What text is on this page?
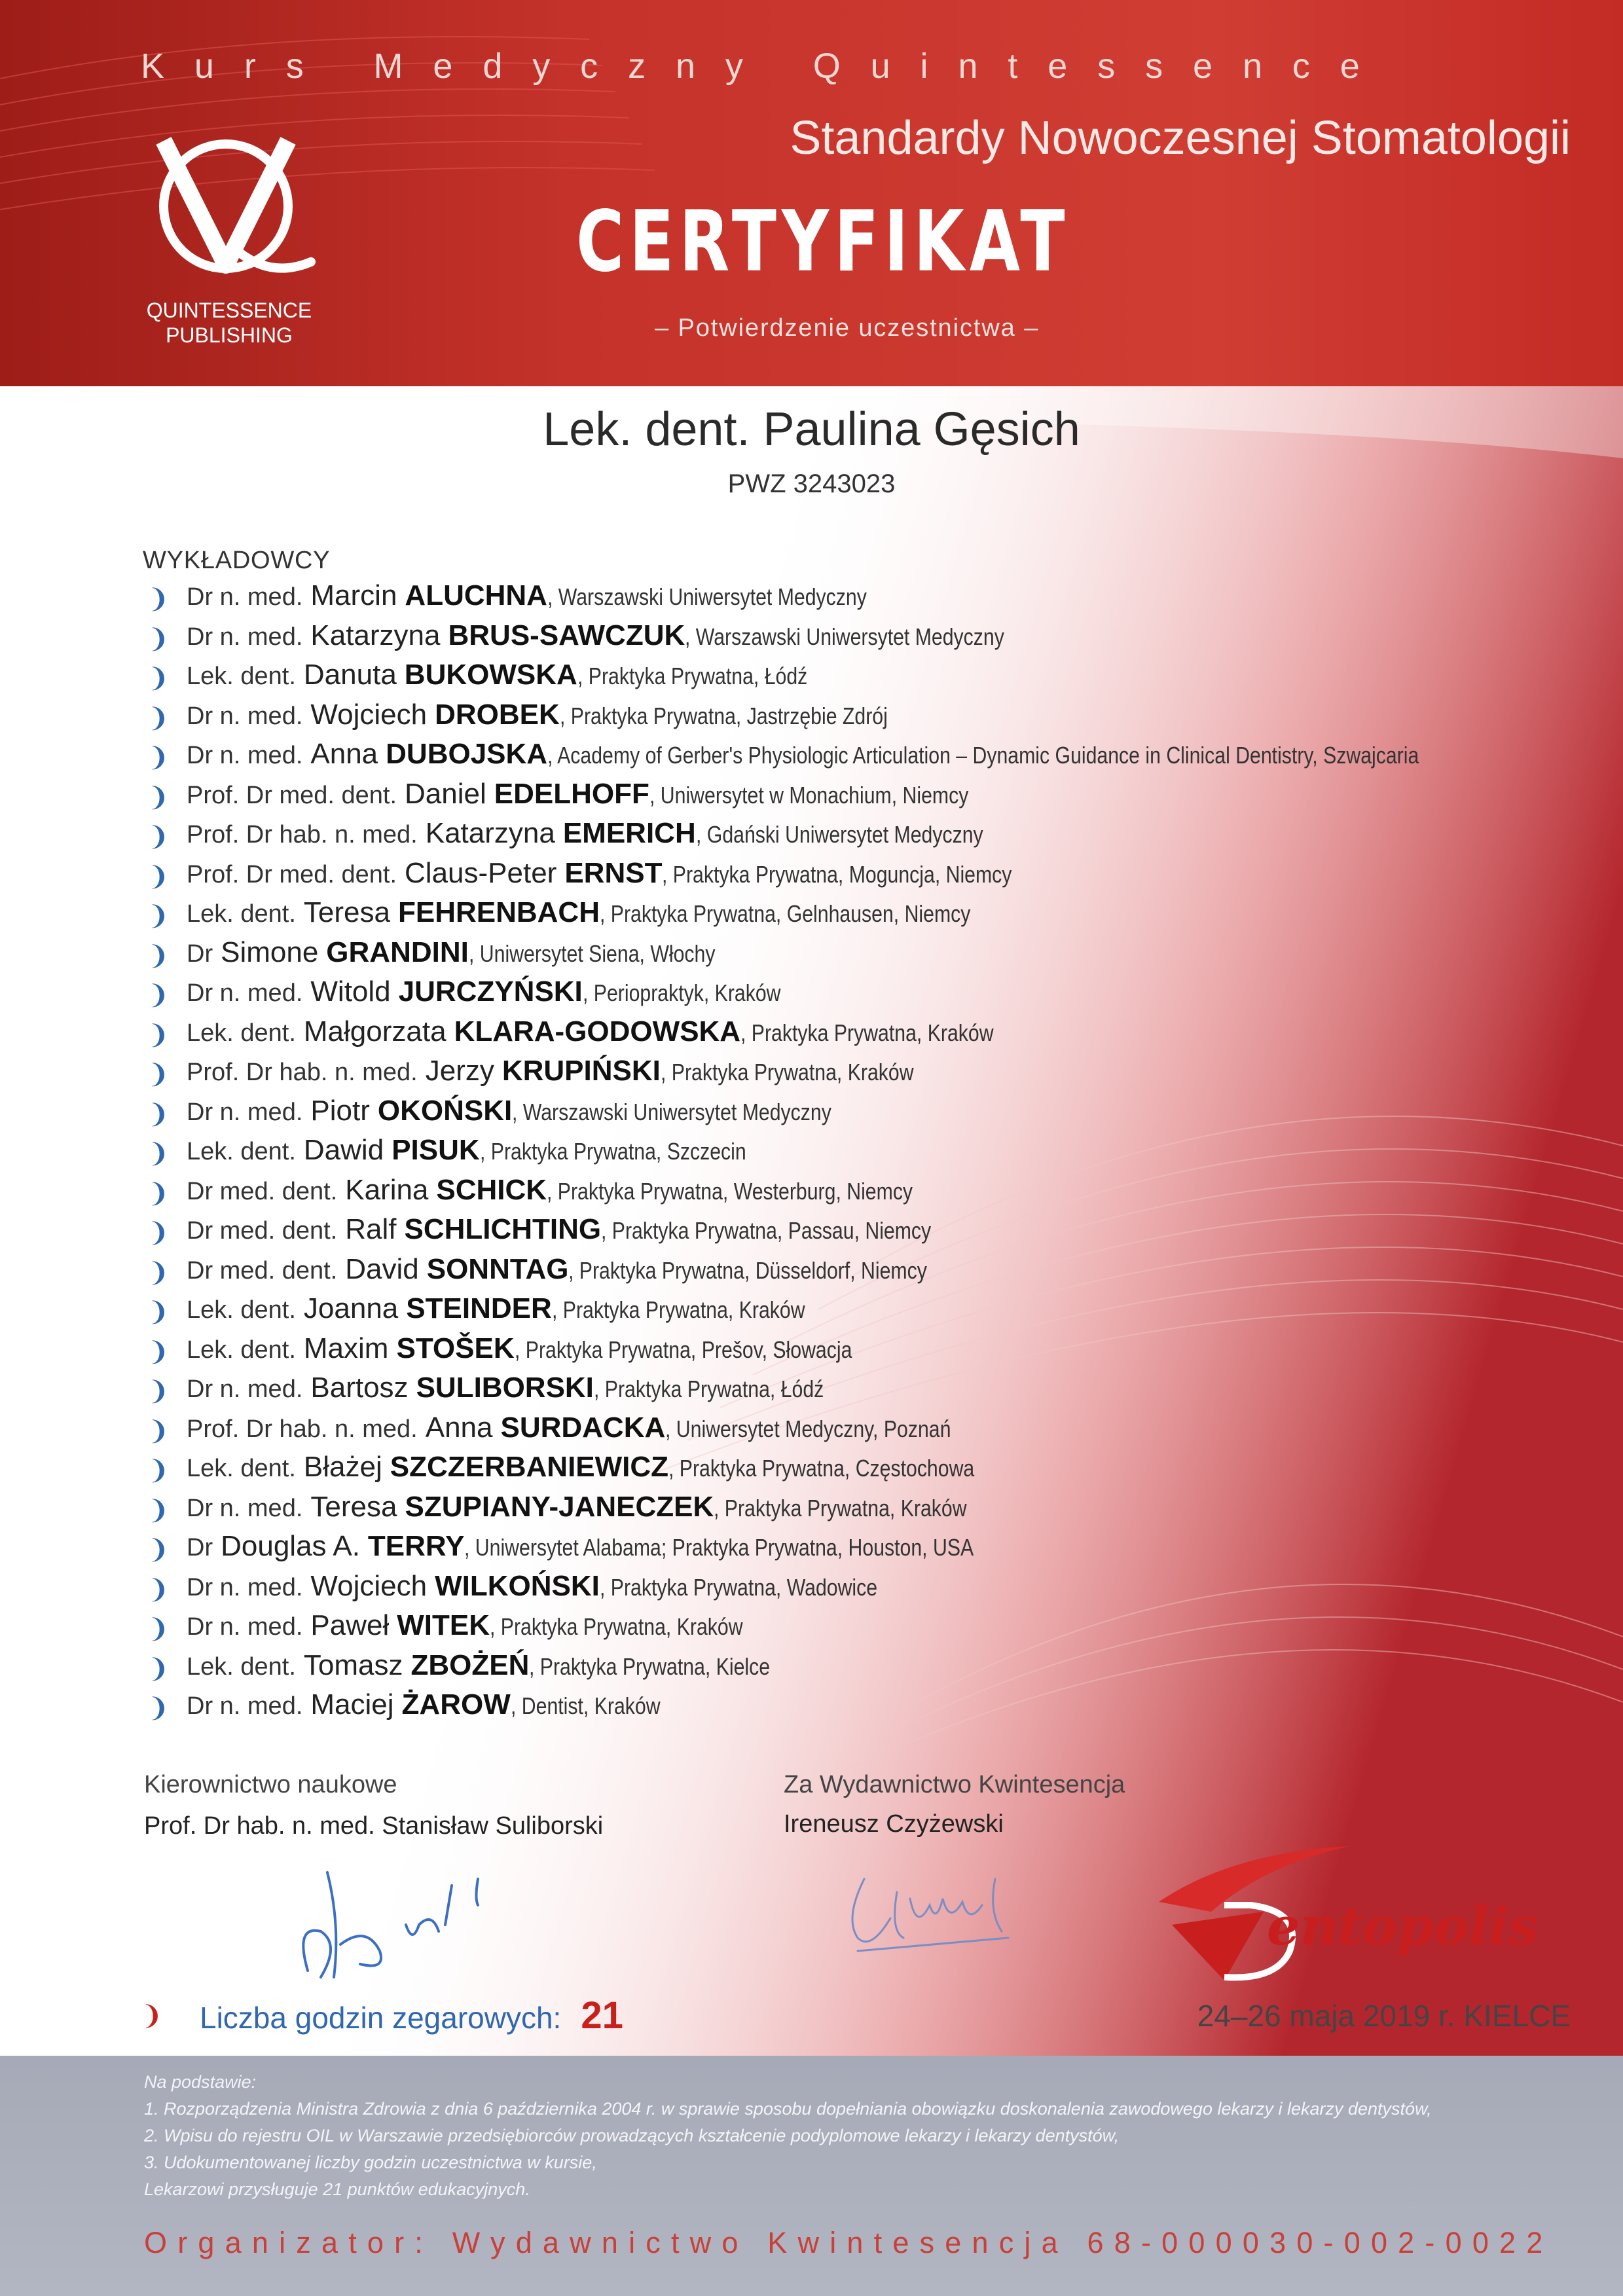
Kurs Medyczny Quintessence
Standardy Nowoczesnej Stomatologii
CERTYFIKAT
– Potwierdzenie uczestnictwa –
QUINTESSENCE
PUBLISHING
Lek. dent. Paulina Gęsich
PWZ 3243023
WYKŁADOWCY
❩ Dr n. med. Marcin ALUCHNA , Warszawski Uniwersytet Medyczny
❩ Dr n. med. Katarzyna BRUS-SAWCZUK , Warszawski Uniwersytet Medyczny
❩ Lek. dent. Danuta BUKOWSKA , Praktyka Prywatna, Łódź
❩ Dr n. med. Wojciech DROBEK , Praktyka Prywatna, Jastrzębie Zdrój
❩ Dr n. med. Anna DUBOJSKA , Academy of Gerber's Physiologic Articulation – Dynamic Guidance in Clinical Dentistry, Szwajcaria
❩ Prof. Dr med. dent. Daniel EDELHOFF , Uniwersytet w Monachium, Niemcy
❩ Prof. Dr hab. n. med. Katarzyna EMERICH , Gdański Uniwersytet Medyczny
❩ Prof. Dr med. dent. Claus-Peter ERNST , Praktyka Prywatna, Moguncja, Niemcy
❩ Lek. dent. Teresa FEHRENBACH , Praktyka Prywatna, Gelnhausen, Niemcy
❩ Dr Simone GRANDINI , Uniwersytet Siena, Włochy
❩ Dr n. med. Witold JURCZYŃSKI , Periopraktyk, Kraków
❩ Lek. dent. Małgorzata KLARA-GODOWSKA , Praktyka Prywatna, Kraków
❩ Prof. Dr hab. n. med. Jerzy KRUPIŃSKI , Praktyka Prywatna, Kraków
❩ Dr n. med. Piotr OKOŃSKI , Warszawski Uniwersytet Medyczny
❩ Lek. dent. Dawid PISUK , Praktyka Prywatna, Szczecin
❩ Dr med. dent. Karina SCHICK , Praktyka Prywatna, Westerburg, Niemcy
❩ Dr med. dent. Ralf SCHLICHTING , Praktyka Prywatna, Passau, Niemcy
❩ Dr med. dent. David SONNTAG , Praktyka Prywatna, Düsseldorf, Niemcy
❩ Lek. dent. Joanna STEINDER , Praktyka Prywatna, Kraków
❩ Lek. dent. Maxim STOŠEK , Praktyka Prywatna, Prešov, Słowacja
❩ Dr n. med. Bartosz SULIBORSKI , Praktyka Prywatna, Łódź
❩ Prof. Dr hab. n. med. Anna SURDACKA , Uniwersytet Medyczny, Poznań
❩ Lek. dent. Błażej SZCZERBANIEWICZ , Praktyka Prywatna, Częstochowa
❩ Dr n. med. Teresa SZUPIANY-JANECZEK , Praktyka Prywatna, Kraków
❩ Dr Douglas A. TERRY , Uniwersytet Alabama; Praktyka Prywatna, Houston, USA
❩ Dr n. med. Wojciech WILKOŃSKI , Praktyka Prywatna, Wadowice
❩ Dr n. med. Paweł WITEK , Praktyka Prywatna, Kraków
❩ Lek. dent. Tomasz ZBOŻEŃ , Praktyka Prywatna, Kielce
❩ Dr n. med. Maciej ŻAROW , Dentist, Kraków
Kierownictwo naukowe
Prof. Dr hab. n. med. Stanisław Suliborski
Za Wydawnictwo Kwintesencja
Ireneusz Czyżewski
entopolis
❩ Liczba godzin zegarowych: 21	24–26 maja 2019 r. KIELCE
Na podstawie:
1. Rozporządzenia Ministra Zdrowia z dnia 6 października 2004 r. w sprawie sposobu dopełniania obowiązku doskonalenia zawodowego lekarzy i lekarzy dentystów,
2. Wpisu do rejestru OIL w Warszawie przedsiębiorców prowadzących kształcenie podyplomowe lekarzy i lekarzy dentystów,
3. Udokumentowanej liczby godzin uczestnictwa w kursie,
Lekarzowi przysługuje 21 punktów edukacyjnych.
Organizator: Wydawnictwo Kwintesencja 68-000030-002-0022
